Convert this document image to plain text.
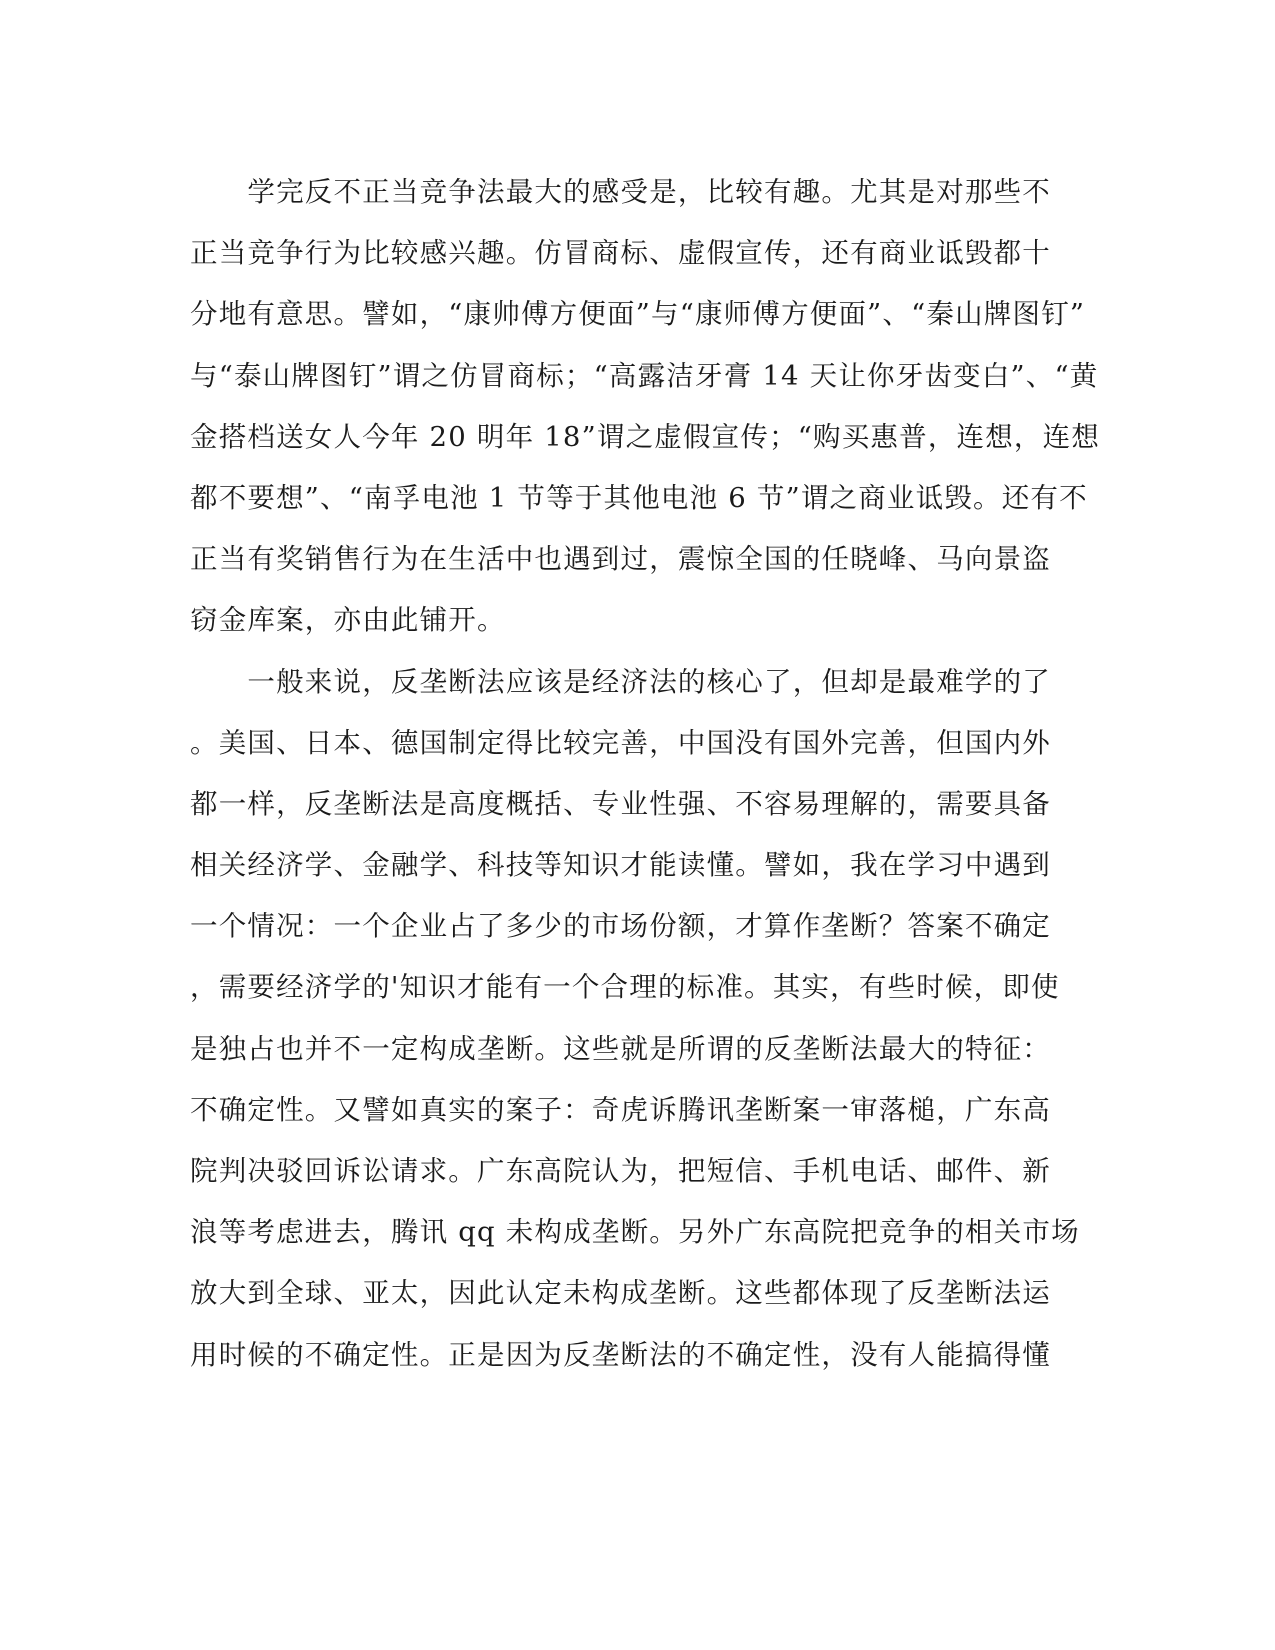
　　学完反不正当竞争法最大的感受是，比较有趣。尤其是对那些不
正当竞争行为比较感兴趣。仿冒商标、虚假宣传，还有商业诋毁都十
分地有意思。譬如，“康帅傅方便面”与“康师傅方便面”、“秦山牌图钉”
与“泰山牌图钉”谓之仿冒商标；“高露洁牙膏 14 天让你牙齿变白”、“黄
金搭档送女人今年 20 明年 18”谓之虚假宣传；“购买惠普，连想，连想
都不要想”、“南孚电池 1 节等于其他电池 6 节”谓之商业诋毁。还有不
正当有奖销售行为在生活中也遇到过，震惊全国的任晓峰、马向景盗
窃金库案，亦由此铺开。
　　一般来说，反垄断法应该是经济法的核心了，但却是最难学的了
。美国、日本、德国制定得比较完善，中国没有国外完善，但国内外
都一样，反垄断法是高度概括、专业性强、不容易理解的，需要具备
相关经济学、金融学、科技等知识才能读懂。譬如，我在学习中遇到
一个情况：一个企业占了多少的市场份额，才算作垄断？答案不确定
，需要经济学的'知识才能有一个合理的标准。其实，有些时候，即使
是独占也并不一定构成垄断。这些就是所谓的反垄断法最大的特征：
不确定性。又譬如真实的案子：奇虎诉腾讯垄断案一审落槌，广东高
院判决驳回诉讼请求。广东高院认为，把短信、手机电话、邮件、新
浪等考虑进去，腾讯 qq 未构成垄断。另外广东高院把竞争的相关市场
放大到全球、亚太，因此认定未构成垄断。这些都体现了反垄断法运
用时候的不确定性。正是因为反垄断法的不确定性，没有人能搞得懂
